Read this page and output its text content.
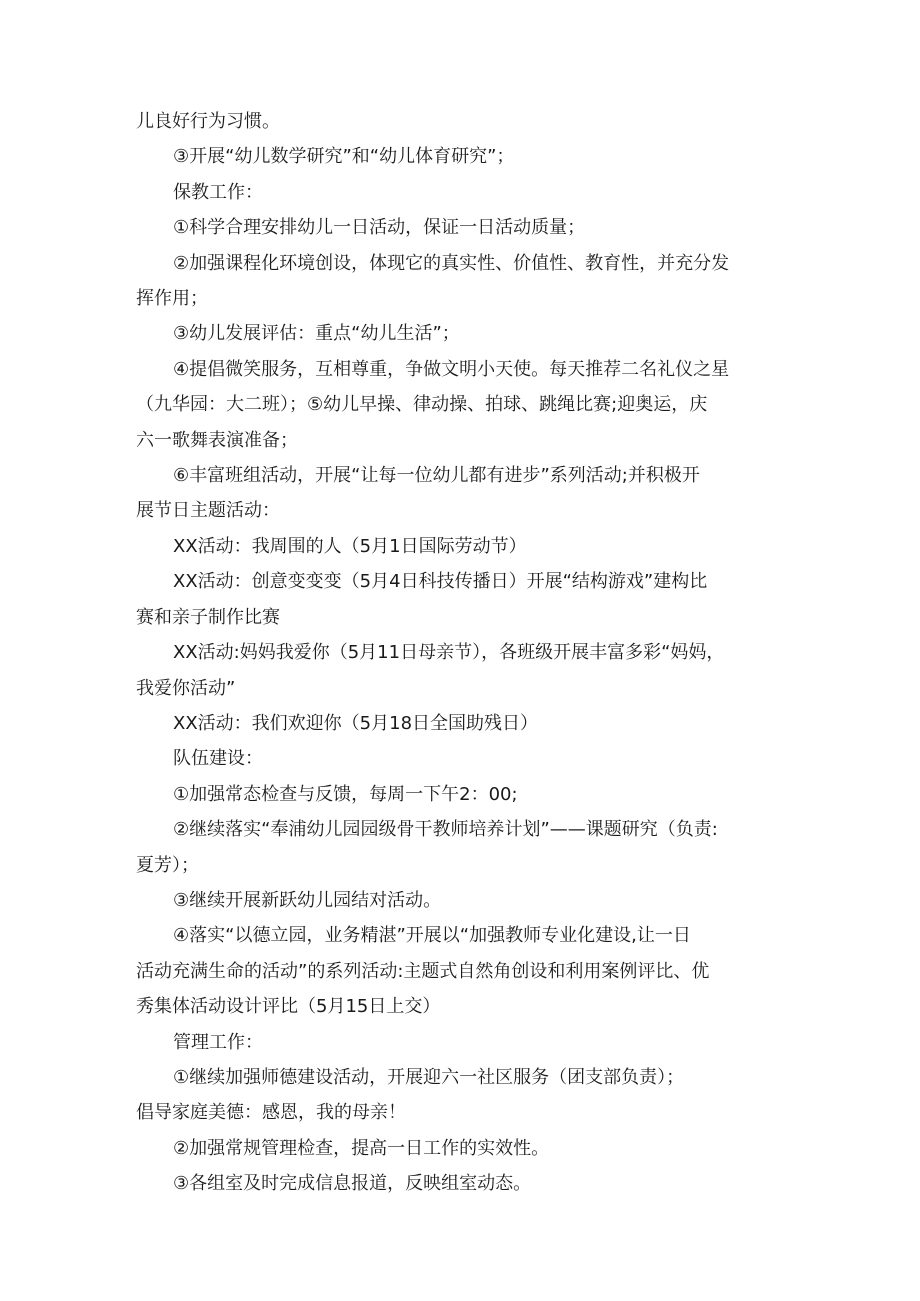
儿良好行为习惯。

③开展“幼儿数学研究”和“幼儿体育研究”；

保教工作：

①科学合理安排幼儿一日活动，保证一日活动质量；

②加强课程化环境创设，体现它的真实性、价值性、教育性，并充分发
挥作用；

③幼儿发展评估：重点“幼儿生活”；

④提倡微笑服务，互相尊重，争做文明小天使。每天推荐二名礼仪之星
（九华园：大二班）；⑤幼儿早操、律动操、拍球、跳绳比赛;迎奥运，庆
六一歌舞表演准备；

⑥丰富班组活动，开展“让每一位幼儿都有进步”系列活动;并积极开
展节日主题活动：

XX活动：我周围的人（5月1日国际劳动节）

XX活动：创意变变变（5月4日科技传播日）开展“结构游戏”建构比
赛和亲子制作比赛

XX活动:妈妈我爱你（5月11日母亲节），各班级开展丰富多彩“妈妈，
我爱你活动”

XX活动：我们欢迎你（5月18日全国助残日）

队伍建设：

①加强常态检查与反馈，每周一下午2：00;

②继续落实“奉浦幼儿园园级骨干教师培养计划”——课题研究（负责:
夏芳）；

③继续开展新跃幼儿园结对活动。

④落实“以德立园，业务精湛”开展以“加强教师专业化建设,让一日
活动充满生命的活动”的系列活动:主题式自然角创设和利用案例评比、优
秀集体活动设计评比（5月15日上交）

管理工作：

①继续加强师德建设活动，开展迎六一社区服务（团支部负责）；

倡导家庭美德：感恩，我的母亲！

②加强常规管理检查，提高一日工作的实效性。

③各组室及时完成信息报道，反映组室动态。
